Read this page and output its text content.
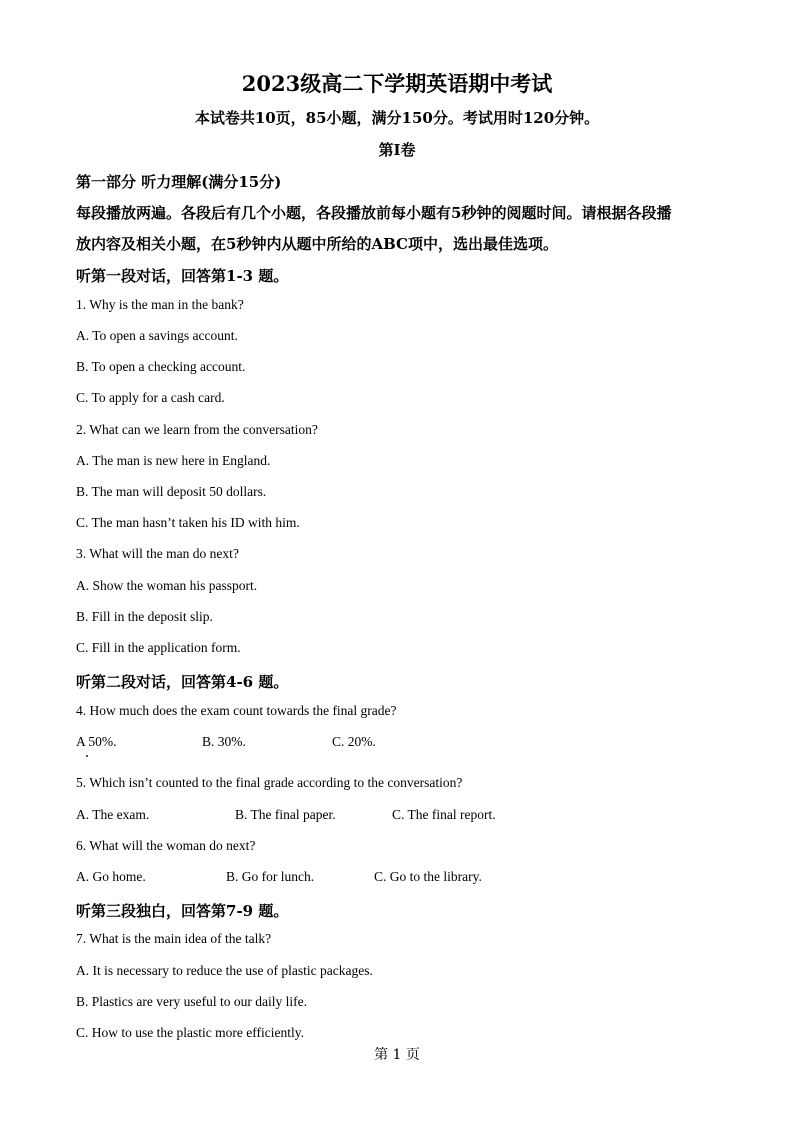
2023级高二下学期英语期中考试
本试卷共10页，85小题，满分150分。考试用时120分钟。
第I卷
第一部分 听力理解(满分15分)
每段播放两遍。各段后有几个小题，各段播放前每小题有5秒钟的阅题时间。请根据各段播
放内容及相关小题，在5秒钟内从题中所给的ABC项中，选出最佳选项。
听第一段对话，回答第1-3 题。
1. Why is the man in the bank?
A. To open a savings account.
B. To open a checking account.
C. To apply for a cash card.
2. What can we learn from the conversation?
A. The man is new here in England.
B. The man will deposit 50 dollars.
C. The man hasn’t taken his ID with him.
3. What will the man do next?
A. Show the woman his passport.
B. Fill in the deposit slip.
C. Fill in the application form.
听第二段对话，回答第4-6 题。
4. How much does the exam count towards the final grade?
A 50%.	B. 30%.	C. 20%.
5. Which isn’t counted to the final grade according to the conversation?
A. The exam.	B. The final paper.	C. The final report.
6. What will the woman do next?
A. Go home.	B. Go for lunch.	C. Go to the library.
听第三段独白，回答第7-9 题。
7. What is the main idea of the talk?
A. It is necessary to reduce the use of plastic packages.
B. Plastics are very useful to our daily life.
C. How to use the plastic more efficiently.
第 1 页
